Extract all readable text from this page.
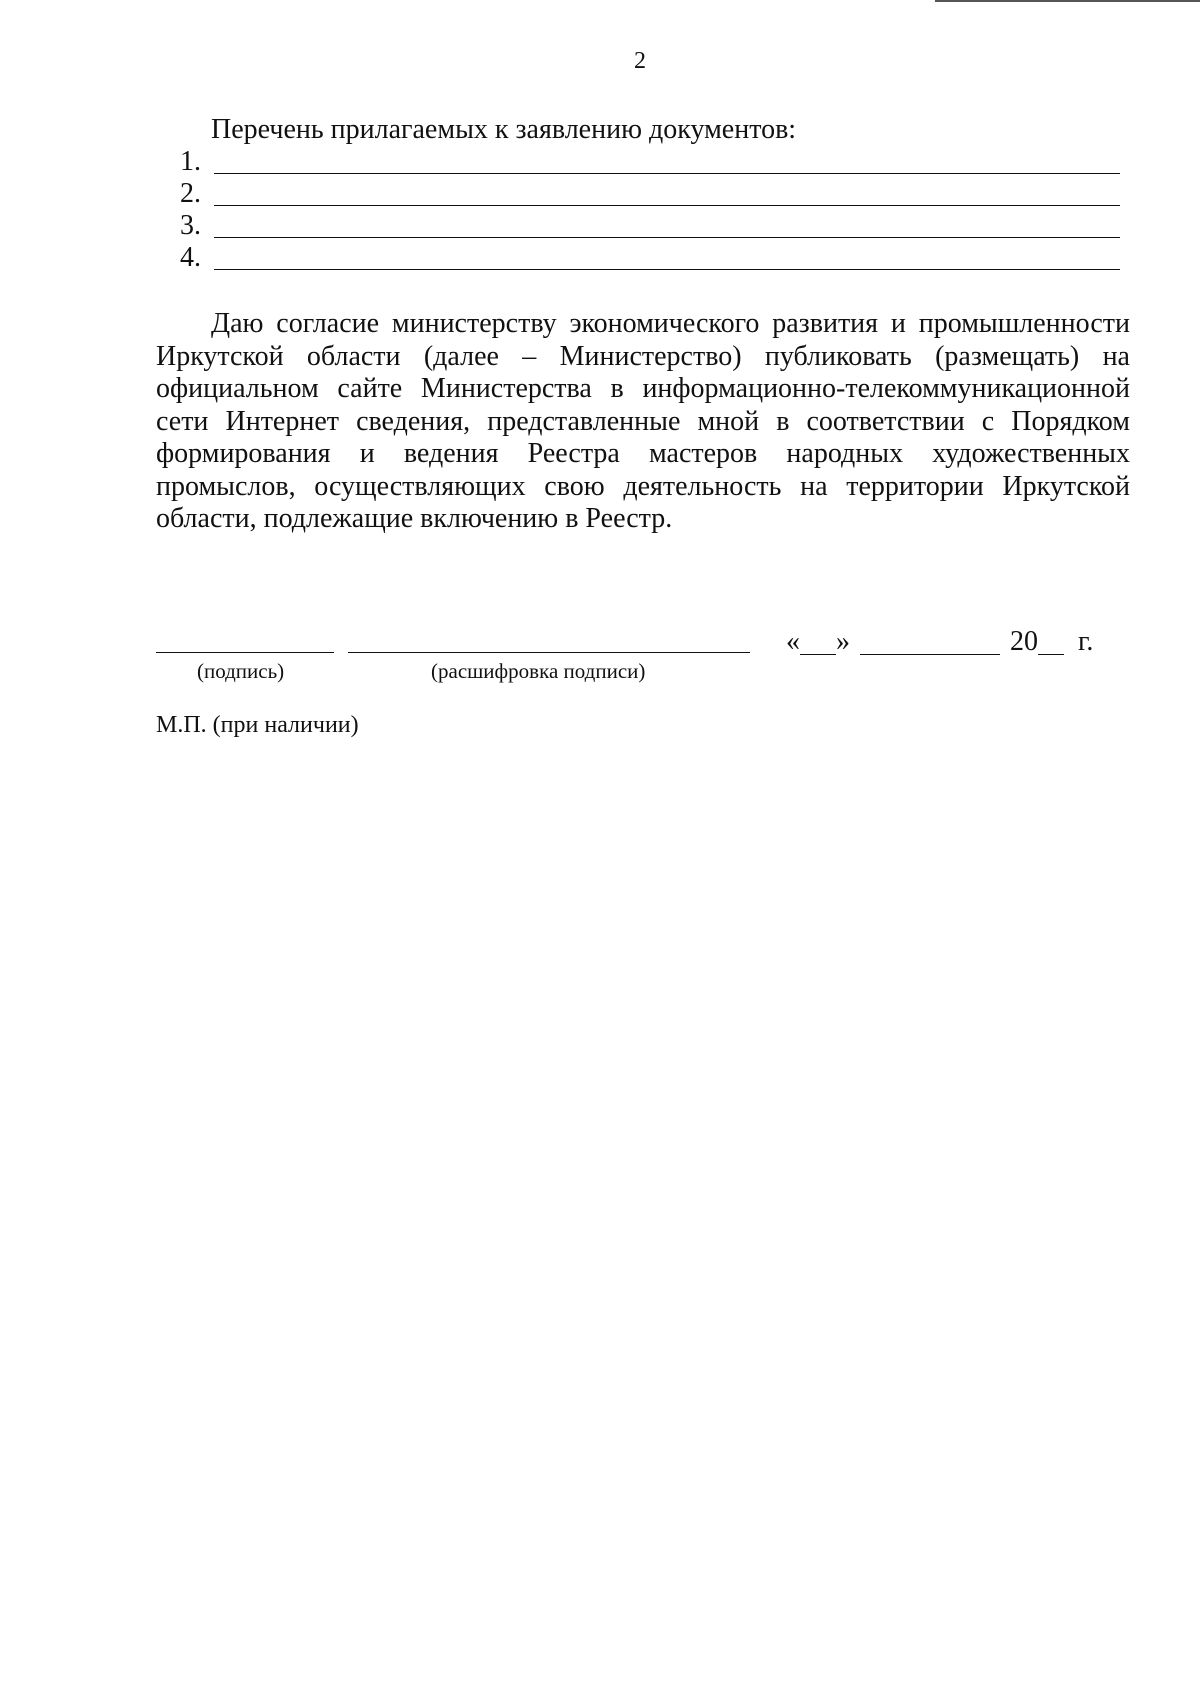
2
Перечень прилагаемых к заявлению документов:
1.
2.
3.
4.

Даю согласие министерству экономического развития и промышленности Иркутской области (далее – Министерство) публиковать (размещать) на официальном сайте Министерства в информационно-телекоммуникационной сети Интернет сведения, представленные мной в соответствии с Порядком формирования и ведения Реестра мастеров народных художественных промыслов, осуществляющих свою деятельность на территории Иркутской области, подлежащие включению в Реестр.

(подпись)	(расшифровка подписи)
« »	20 г.
М.П. (при наличии)
